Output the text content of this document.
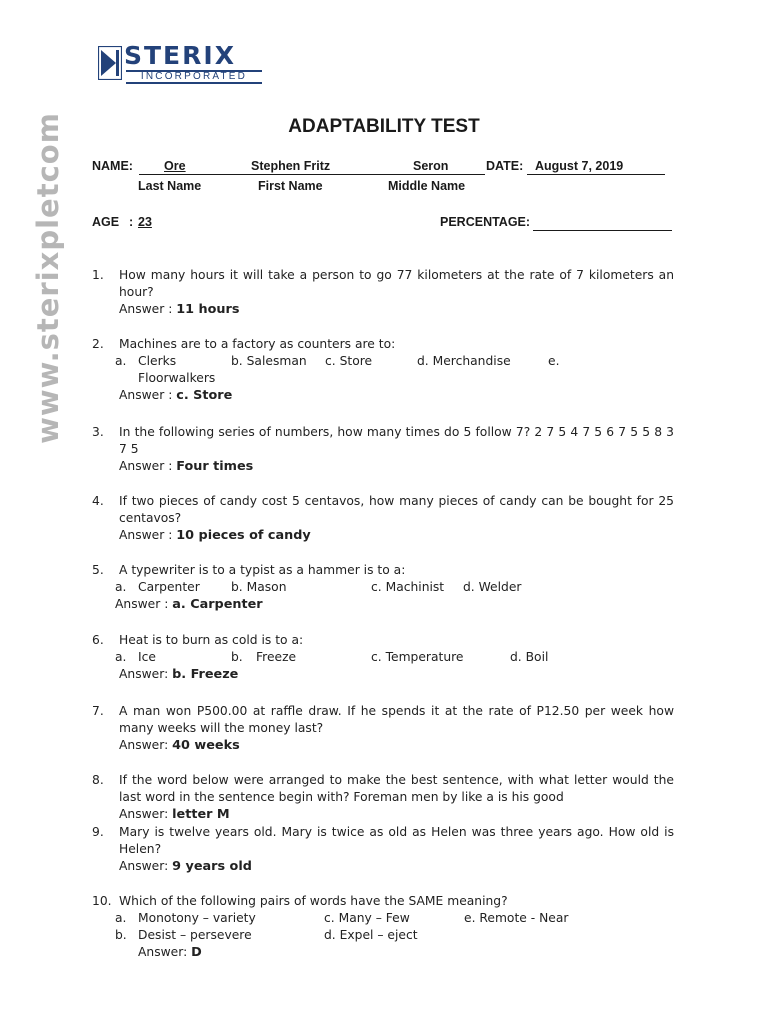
STERIX
INCORPORATED
www.sterixpletcom	ADAPTABILITY TEST
NAME:	Ore	Stephen Fritz	Seron	DATE: August 7, 2019
Last Name	First Name	Middle Name
AGE : 23	PERCENTAGE:
1. How many hours it will take a person to go 77 kilometers at the rate of 7 kilometers an hour?
Answer : 11 hours
2. Machines are to a factory as counters are to:
a. Clerks	b. Salesman c. Store	d. Merchandise	e.
Floorwalkers
Answer : c. Store
3. In the following series of numbers, how many times do 5 follow 7? 2 7 5 4 7 5 6 7 5 5 8 3 7 5
Answer : Four times
4. If two pieces of candy cost 5 centavos, how many pieces of candy can be bought for 25 centavos?
Answer : 10 pieces of candy
5. A typewriter is to a typist as a hammer is to a:
a. Carpenter	b. Mason	c. Machinist d. Welder
Answer : a. Carpenter
6. Heat is to burn as cold is to a:
a. Ice	b. Freeze	c. Temperature	d. Boil
Answer: b. Freeze
7. A man won P500.00 at raffle draw. If he spends it at the rate of P12.50 per week how many weeks will the money last?
Answer: 40 weeks
8. If the word below were arranged to make the best sentence, with what letter would the last word in the sentence begin with? Foreman men by like a is his good
Answer: letter M
9. Mary is twelve years old. Mary is twice as old as Helen was three years ago. How old is Helen?
Answer: 9 years old
10. Which of the following pairs of words have the SAME meaning?
a. Monotony – variety	c. Many – Few	e. Remote - Near
b. Desist – persevere	d. Expel – eject
Answer: D
